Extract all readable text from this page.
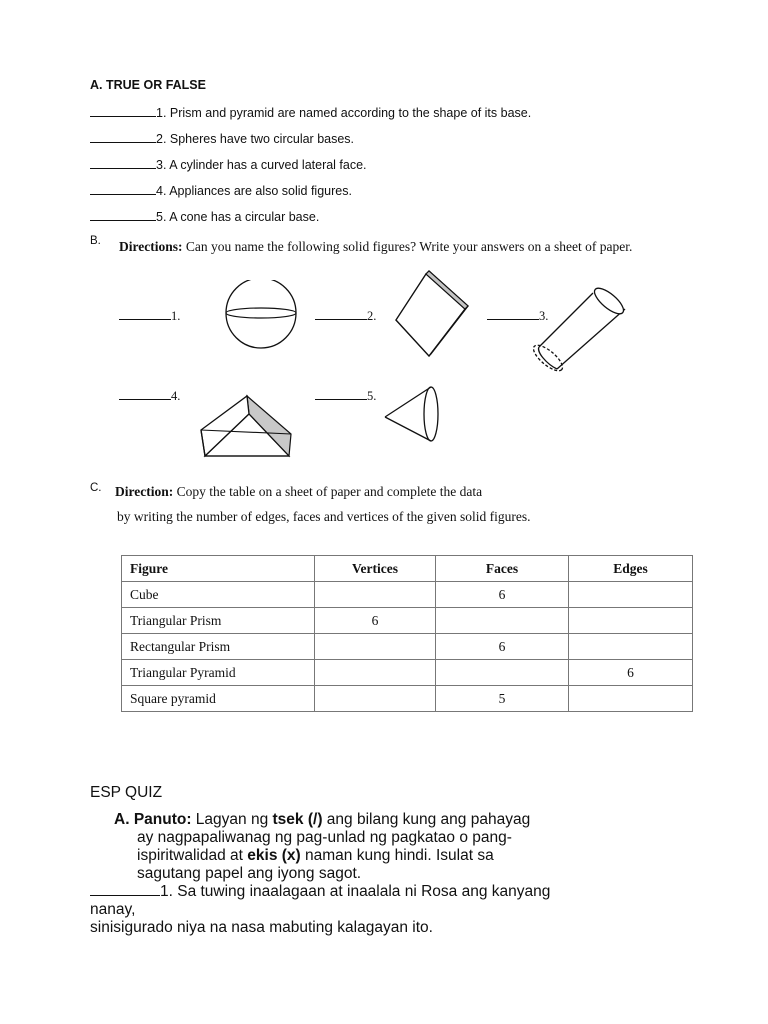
A. TRUE OR FALSE
1. Prism and pyramid are named according to the shape of its base.
2. Spheres have two circular bases.
3. A cylinder has a curved lateral face.
4. Appliances are also solid figures.
5. A cone has a circular base.
B. Directions: Can you name the following solid figures? Write your answers on a sheet of paper.
1.	2.	3.
4.	5.
C. Direction: Copy the table on a sheet of paper and complete the data
by writing the number of edges, faces and vertices of the given solid figures.
Figure	Vertices	Faces	Edges
Cube		6	
Triangular Prism	6		
Rectangular Prism		6	
Triangular Pyramid			6
Square pyramid		5	
ESP QUIZ
A. Panuto: Lagyan ng tsek (/) ang bilang kung ang pahayag
ay nagpapaliwanag ng pag-unlad ng pagkatao o pang-
ispiritwalidad at ekis (x) naman kung hindi. Isulat sa
sagutang papel ang iyong sagot.
1. Sa tuwing inaalagaan at inaalala ni Rosa ang kanyang
nanay,
sinisigurado niya na nasa mabuting kalagayan ito.
